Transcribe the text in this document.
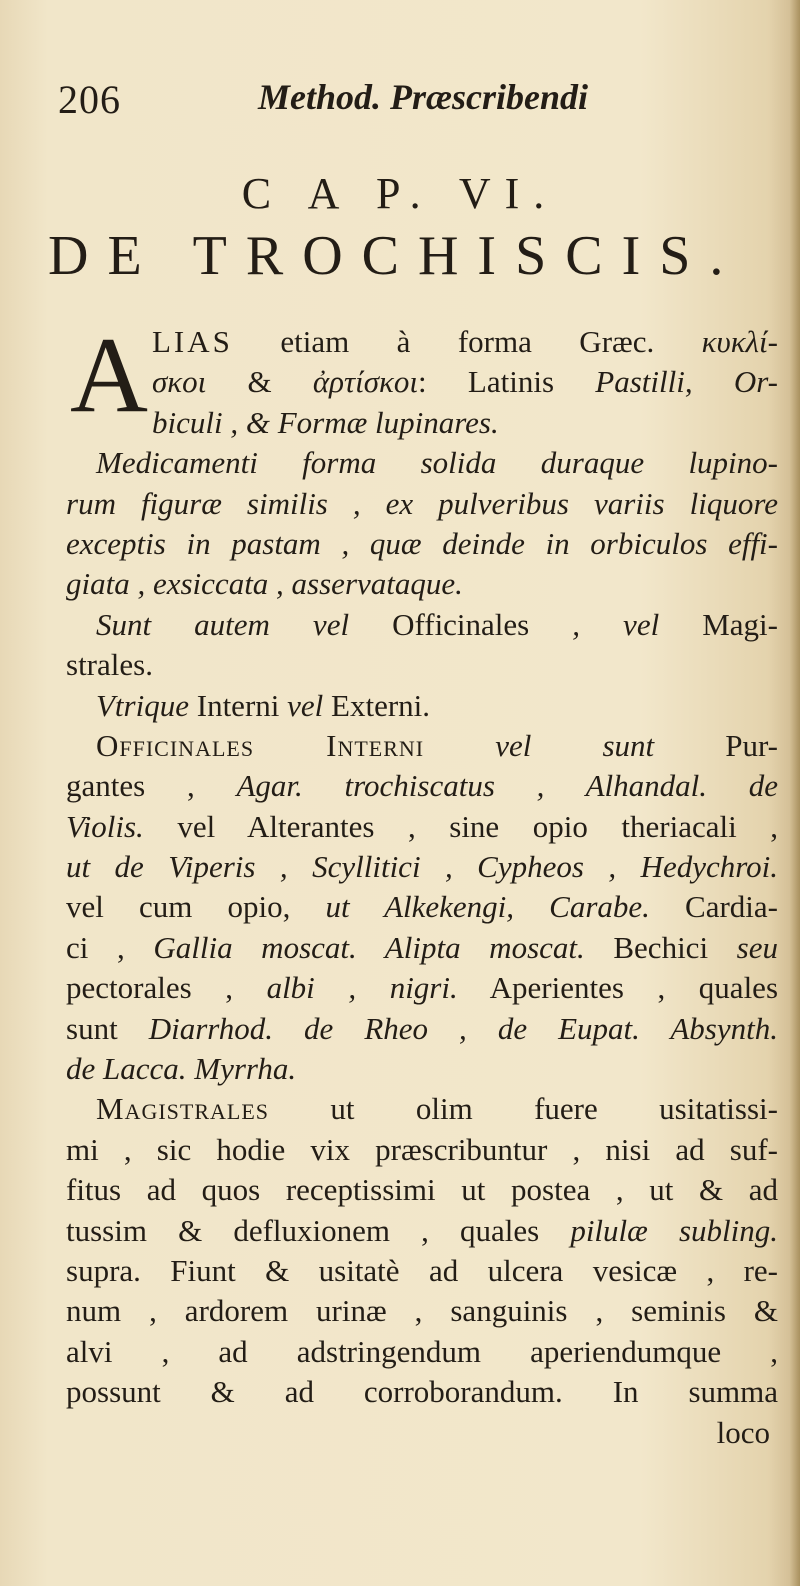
206	Method. Præscribendi
C A P. VI.
DE TROCHISCIS.
A LIAS etiam à forma Græc. κυκλί-
σκοι & ἀρτίσκοι: Latinis Pastilli, Or-
biculi , & Formæ lupinares.
Medicamenti forma solida duraque lupino-
rum figuræ similis , ex pulveribus variis liquore
exceptis in pastam , quæ deinde in orbiculos effi-
giata , exsiccata , asservataque.
Sunt autem vel Officinales , vel Magi-
strales.
Vtrique Interni vel Externi.
Officinales Interni vel sunt Pur-
gantes , Agar. trochiscatus , Alhandal. de
Violis. vel Alterantes , sine opio theriacali ,
ut de Viperis , Scyllitici , Cypheos , Hedychroi.
vel cum opio, ut Alkekengi, Carabe. Cardia-
ci , Gallia moscat. Alipta moscat. Bechici seu
pectorales , albi , nigri. Aperientes , quales
sunt Diarrhod. de Rheo , de Eupat. Absynth.
de Lacca. Myrrha.
Magistrales ut olim fuere usitatissi-
mi , sic hodie vix præscribuntur , nisi ad suf-
fitus ad quos receptissimi ut postea , ut & ad
tussim & defluxionem , quales pilulæ subling.
supra. Fiunt & usitatè ad ulcera vesicæ , re-
num , ardorem urinæ , sanguinis , seminis &
alvi , ad adstringendum aperiendumque ,
possunt & ad corroborandum. In summa
loco
